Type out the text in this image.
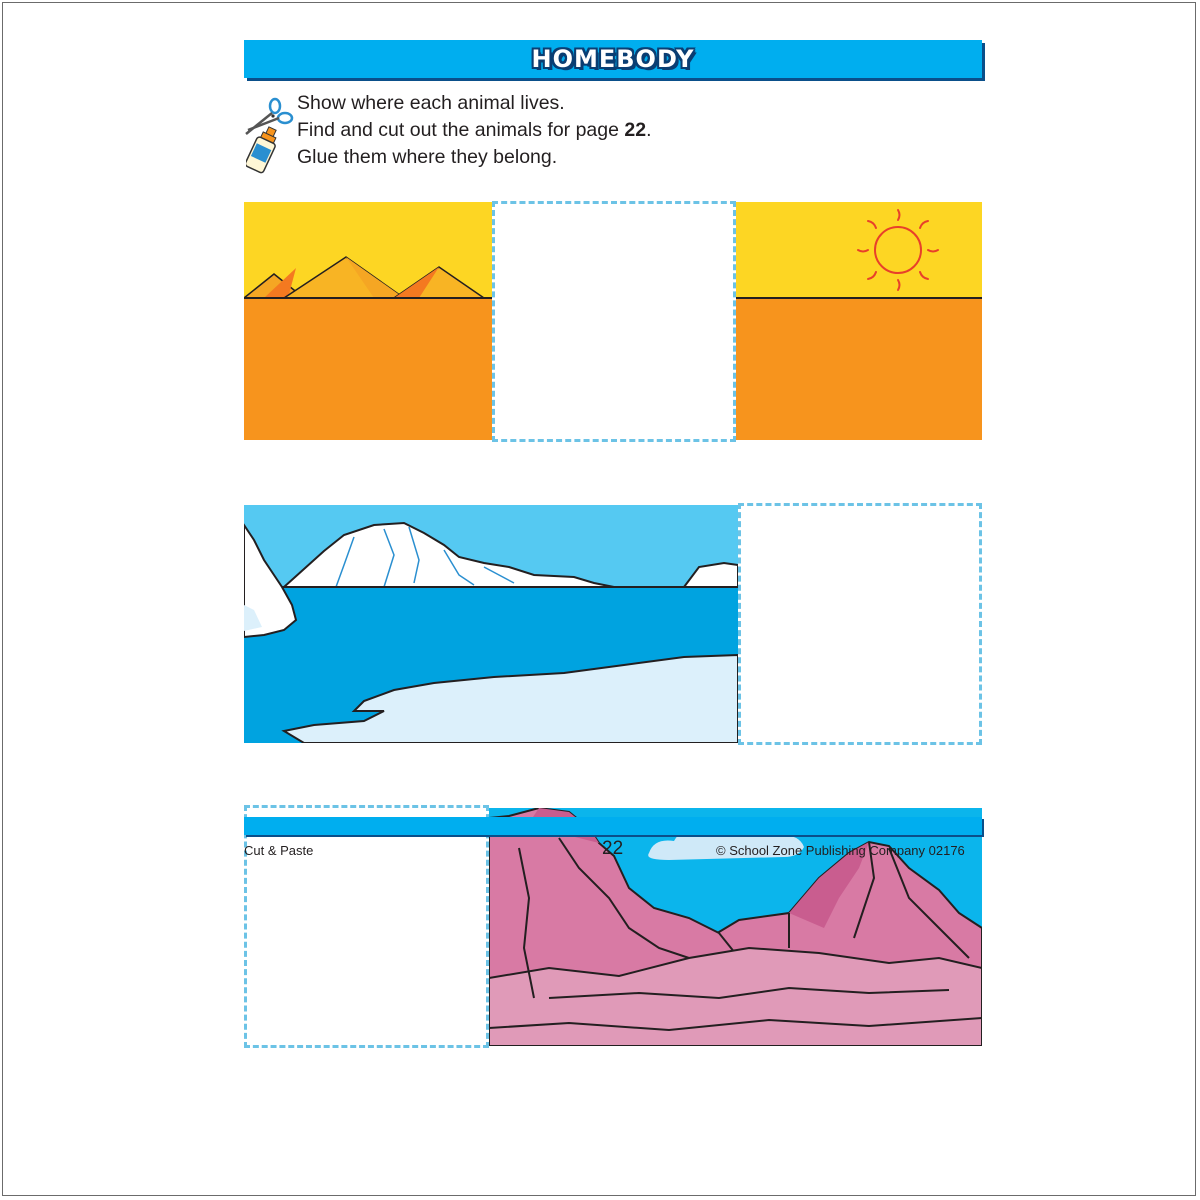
HOMEBODY
Show where each animal lives.
Find and cut out the animals for page 22.
Glue them where they belong.
Cut & Paste	22	© School Zone Publishing Company 02176
